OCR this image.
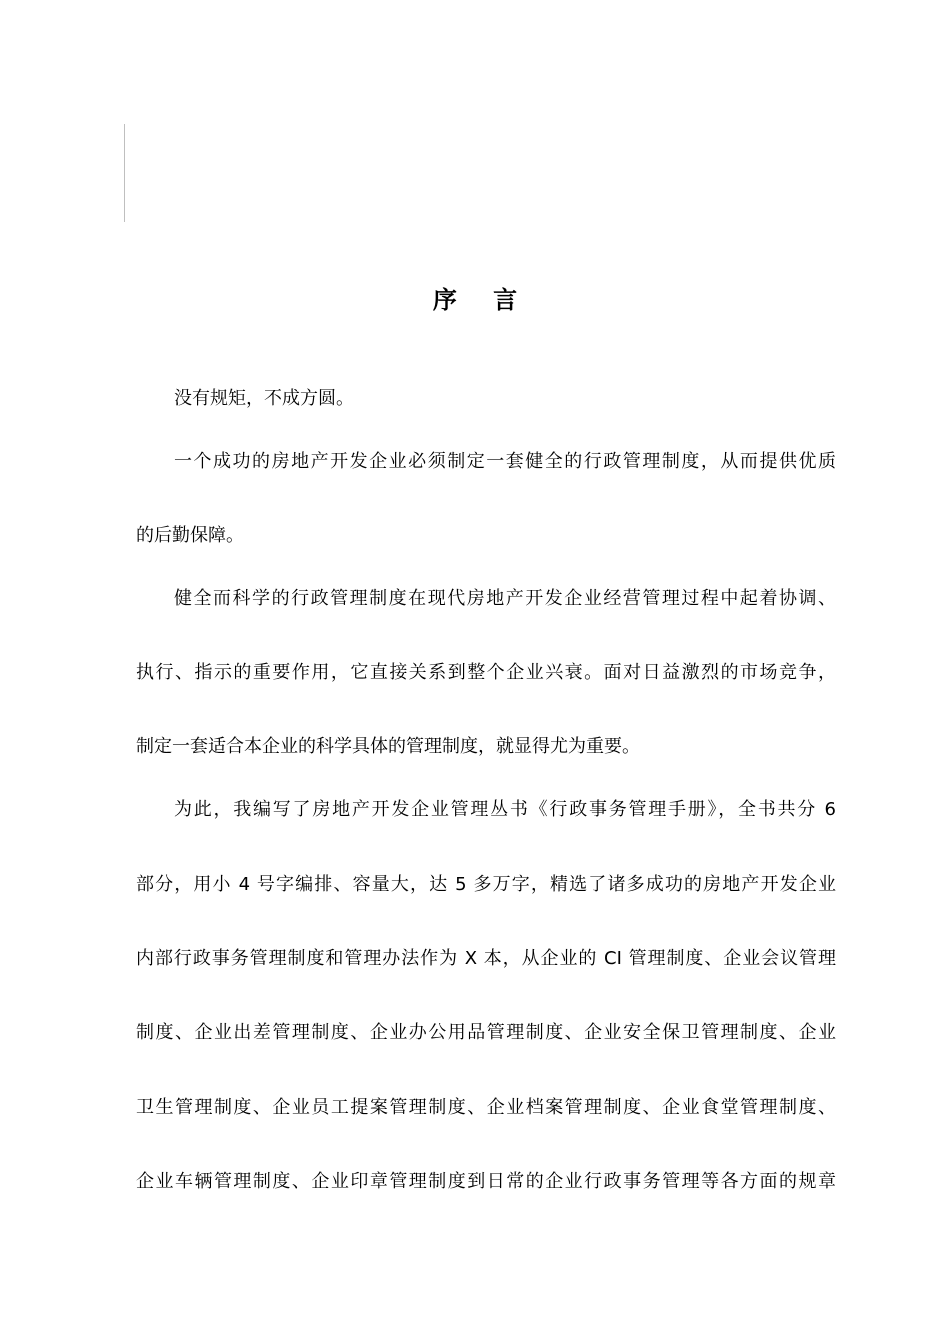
序 言
没有规矩，不成方圆。
一个成功的房地产开发企业必须制定一套健全的行政管理制度，从而提供优质
的后勤保障。
健全而科学的行政管理制度在现代房地产开发企业经营管理过程中起着协调、
执行、指示的重要作用，它直接关系到整个企业兴衰。面对日益激烈的市场竞争，
制定一套适合本企业的科学具体的管理制度，就显得尤为重要。
为此，我编写了房地产开发企业管理丛书《行政事务管理手册》，全书共分 6
部分，用小 4 号字编排、容量大，达 5 多万字，精选了诸多成功的房地产开发企业
内部行政事务管理制度和管理办法作为 X 本，从企业的 CI 管理制度、企业会议管理
制度、企业出差管理制度、企业办公用品管理制度、企业安全保卫管理制度、企业
卫生管理制度、企业员工提案管理制度、企业档案管理制度、企业食堂管理制度、
企业车辆管理制度、企业印章管理制度到日常的企业行政事务管理等各方面的规章
